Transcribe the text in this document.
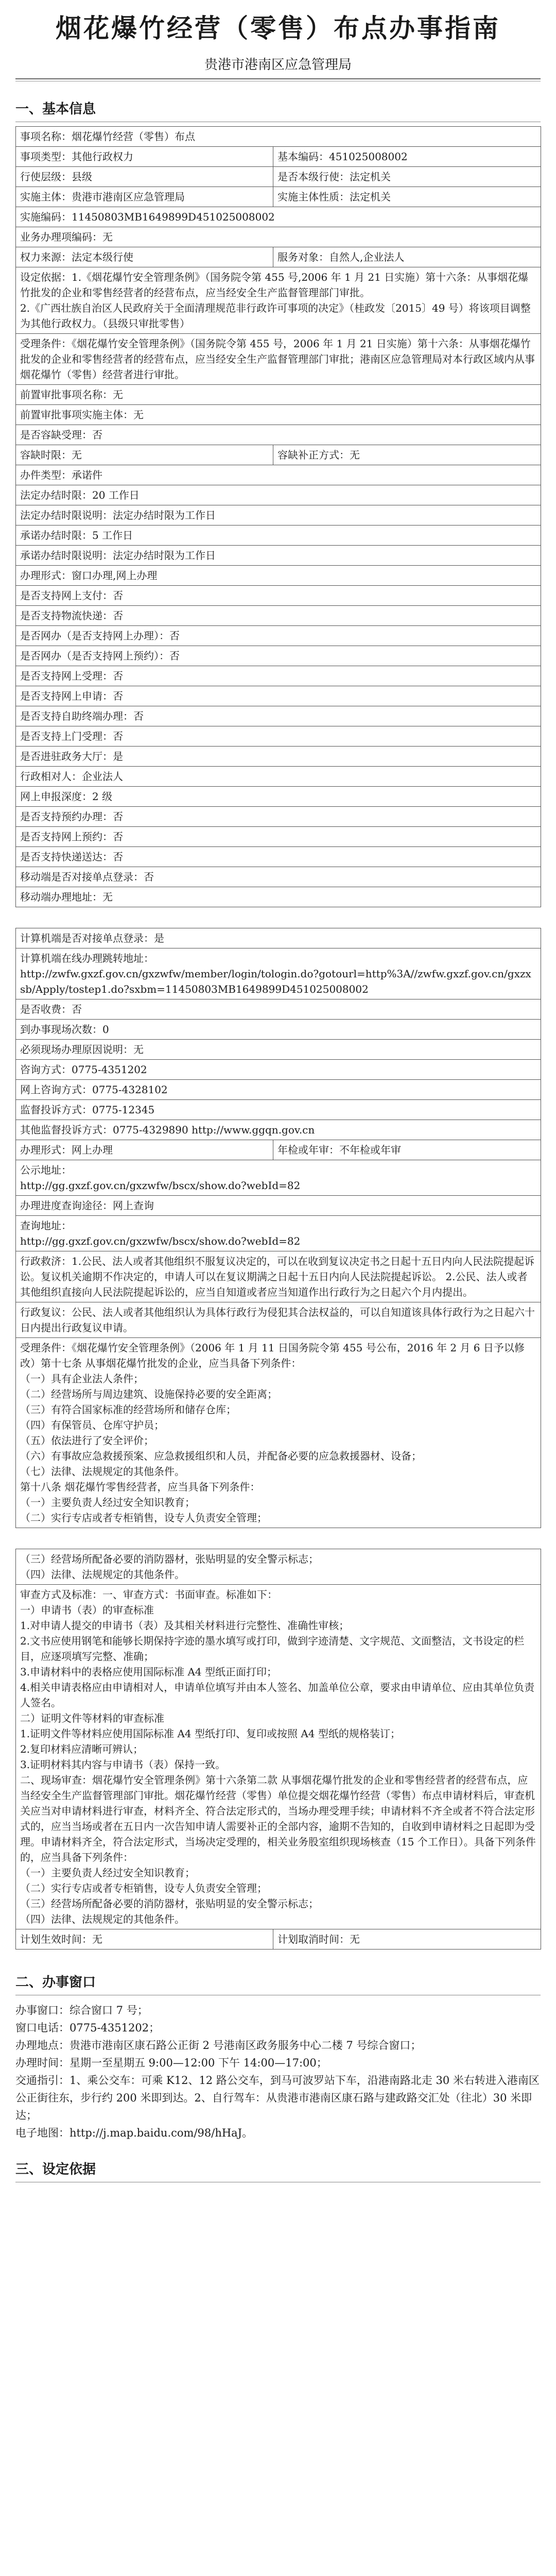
烟花爆竹经营（零售）布点办事指南
贵港市港南区应急管理局
一、基本信息
事项名称：烟花爆竹经营（零售）布点	
事项类型：其他行政权力	基本编码：451025008002
行使层级：县级	是否本级行使：法定机关
实施主体：贵港市港南区应急管理局	实施主体性质：法定机关
实施编码：11450803MB1649899D451025008002	
业务办理项编码：无	
权力来源：法定本级行使	服务对象：自然人,企业法人

设定依据：1.《烟花爆竹安全管理条例》（国务院令第 455 号,2006 年 1 月 21 日实施）第十六条：从事烟花爆竹批发的企业和零售经营者的经营布点，应当经安全生产监督管理部门审批。
2.《广西壮族自治区人民政府关于全面清理规范非行政许可事项的决定》（桂政发〔2015〕49 号）将该项目调整为其他行政权力。（县级只审批零售）	

受理条件：《烟花爆竹安全管理条例》（国务院令第 455 号，2006 年 1 月 21 日实施）第十六条：从事烟花爆竹批发的企业和零售经营者的经营布点，应当经安全生产监督管理部门审批；港南区应急管理局对本行政区域内从事烟花爆竹（零售）经营者进行审批。	
前置审批事项名称：无	
前置审批事项实施主体：无	
是否容缺受理：否	
容缺时限：无	容缺补正方式：无
办件类型：承诺件	
法定办结时限：20 工作日	
法定办结时限说明：法定办结时限为工作日	
承诺办结时限：5 工作日	
承诺办结时限说明：法定办结时限为工作日	
办理形式：窗口办理,网上办理	
是否支持网上支付：否	
是否支持物流快递：否	
是否网办（是否支持网上办理）：否	
是否网办（是否支持网上预约）：否	
是否支持网上受理：否	
是否支持网上申请：否	
是否支持自助终端办理：否	
是否支持上门受理：否	
是否进驻政务大厅：是	
行政相对人：企业法人	
网上申报深度：2 级	
是否支持预约办理：否	
是否支持网上预约：否	
是否支持快递送达：否	
移动端是否对接单点登录：否	
移动端办理地址：无	
计算机端是否对接单点登录：是

计算机端在线办理跳转地址：
http://zwfw.gxzf.gov.cn/gxzwfw/member/login/tologin.do?gotourl=http%3A//zwfw.gxzf.gov.cn/gxzxsb/Apply/tostep1.do?sxbm=11450803MB1649899D451025008002

是否收费：否
到办事现场次数：0
必须现场办理原因说明：无
咨询方式：0775-4351202
网上咨询方式：0775-4328102
监督投诉方式：0775-12345
其他监督投诉方式：0775-4329890 http://www.ggqn.gov.cn
办理形式：网上办理	年检或年审：不年检或年审

公示地址：
http://gg.gxzf.gov.cn/gxzwfw/bscx/show.do?webId=82

办理进度查询途径：网上查询

查询地址：
http://gg.gxzf.gov.cn/gxzwfw/bscx/show.do?webId=82

行政救济：1.公民、法人或者其他组织不服复议决定的，可以在收到复议决定书之日起十五日内向人民法院提起诉讼。复议机关逾期不作决定的，申请人可以在复议期满之日起十五日内向人民法院提起诉讼。 2.公民、法人或者其他组织直接向人民法院提起诉讼的，应当自知道或者应当知道作出行政行为之日起六个月内提出。
行政复议：公民、法人或者其他组织认为具体行政行为侵犯其合法权益的，可以自知道该具体行政行为之日起六十日内提出行政复议申请。

受理条件：《烟花爆竹安全管理条例》（2006 年 1 月 11 日国务院令第 455 号公布，2016 年 2 月 6 日予以修改）第十七条 从事烟花爆竹批发的企业，应当具备下列条件：
（一）具有企业法人条件；
（二）经营场所与周边建筑、设施保持必要的安全距离；
（三）有符合国家标准的经营场所和储存仓库；
（四）有保管员、仓库守护员；
（五）依法进行了安全评价；
（六）有事故应急救援预案、应急救援组织和人员，并配备必要的应急救援器材、设备；
（七）法律、法规规定的其他条件。
第十八条 烟花爆竹零售经营者，应当具备下列条件：
（一）主要负责人经过安全知识教育；
（二）实行专店或者专柜销售，设专人负责安全管理；
（三）经营场所配备必要的消防器材，张贴明显的安全警示标志；
（四）法律、法规规定的其他条件。

审查方式及标准：一、审查方式：书面审查。标准如下：
一）申请书（表）的审查标准
1.对申请人提交的申请书（表）及其相关材料进行完整性、准确性审核；
2.文书应使用钢笔和能够长期保持字迹的墨水填写或打印，做到字迹清楚、文字规范、文面整洁，文书设定的栏目，应逐项填写完整、准确；
3.申请材料中的表格应使用国际标准 A4 型纸正面打印；
4.相关申请表格应由申请相对人，申请单位填写并由本人签名、加盖单位公章，要求由申请单位、应由其单位负责人签名。
二）证明文件等材料的审查标准
1.证明文件等材料应使用国际标准 A4 型纸打印、复印或按照 A4 型纸的规格装订；
2.复印材料应清晰可辨认；
3.证明材料其内容与申请书（表）保持一致。
二、现场审查：烟花爆竹安全管理条例》第十六条第二款 从事烟花爆竹批发的企业和零售经营者的经营布点，应当经安全生产监督管理部门审批。烟花爆竹经营（零售）单位提交烟花爆竹经营（零售）布点申请材料后，审查机关应当对申请材料进行审查，材料齐全、符合法定形式的，当场办理受理手续；申请材料不齐全或者不符合法定形式的，应当当场或者在五日内一次告知申请人需要补正的全部内容，逾期不告知的，自收到申请材料之日起即为受理。申请材料齐全，符合法定形式，当场决定受理的，相关业务股室组织现场核查（15 个工作日）。具备下列条件的，应当具备下列条件：
（一）主要负责人经过安全知识教育；
（二）实行专店或者专柜销售，设专人负责安全管理；
（三）经营场所配备必要的消防器材，张贴明显的安全警示标志；
（四）法律、法规规定的其他条件。

计划生效时间：无	计划取消时间：无
二、办事窗口
办事窗口：综合窗口 7 号；
窗口电话：0775-4351202；
办理地点：贵港市港南区康石路公正街 2 号港南区政务服务中心二楼 7 号综合窗口；
办理时间：星期一至星期五 9:00—12:00 下午 14:00—17:00；
交通指引：1、乘公交车：可乘 K12、12 路公交车，到马可波罗站下车，沿港南路北走 30 米右转进入港南区公正街往东，步行约 200 米即到达。2、自行驾车：从贵港市港南区康石路与建政路交汇处（往北）30 米即达；
电子地图：http://j.map.baidu.com/98/hHaJ。
三、设定依据
